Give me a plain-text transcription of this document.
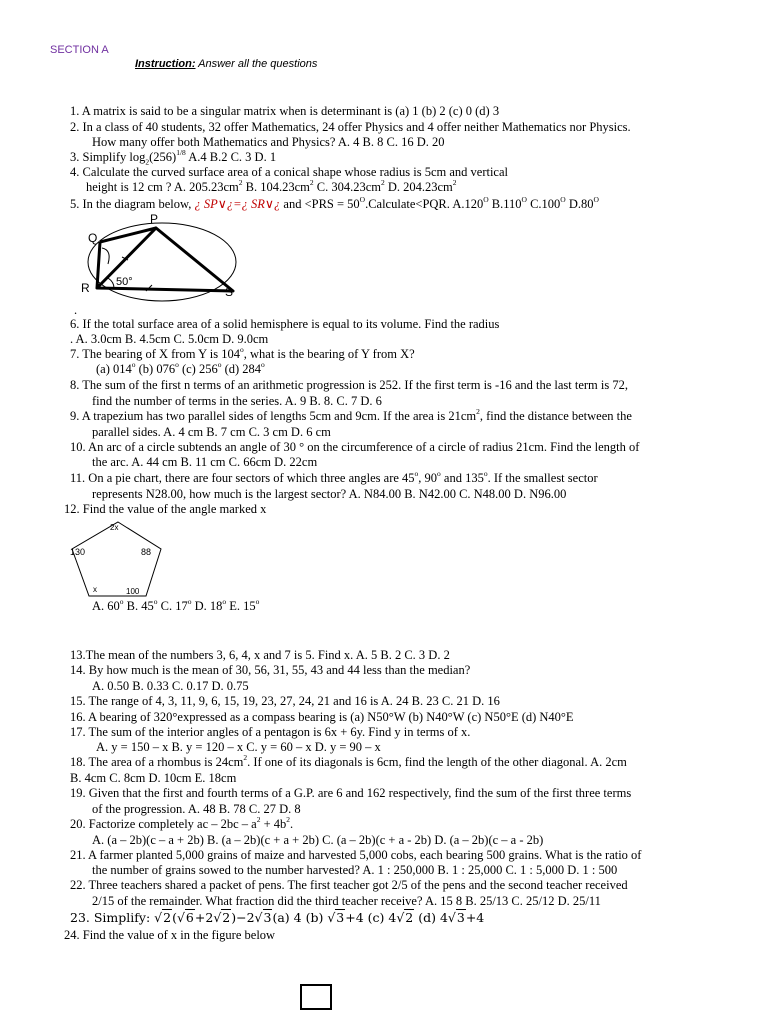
SECTION A
Instruction: Answer all the questions
1. A matrix is said to be a singular matrix when is determinant is (a) 1 (b) 2 (c) 0 (d) 3
2. In a class of 40 students, 32 offer Mathematics, 24 offer Physics and 4 offer neither Mathematics nor Physics.
How many offer both Mathematics and Physics? A. 4 B. 8 C. 16 D. 20
3. Simplify $\log_2(256)^{1/8}$ A.4 B.2 C. 3 D. 1
4. Calculate the curved surface area of a conical shape whose radius is 5cm and vertical
height is 12 cm ? A. $205.23cm^2$ B. $104.23cm^2$ C. $304.23cm^2$ D. $204.23cm^2$
5. In the diagram below, ¿ SP∨¿=¿ SR∨¿ and $<PRS = 50^O.Calculate<PQR$. $A.120^O$ $B.110^O$ $C.100^O$ $D.80^O$
P
Q
R	S
50°
.
6. If the total surface area of a solid hemisphere is equal to its volume. Find the radius
. A. 3.0cm B. 4.5cm C. 5.0cm D. 9.0cm
7. The bearing of X from Y is 104$^o$, what is the bearing of Y from X?
(a) 014$^o$ (b) 076$^o$ (c) 256$^o$ (d) 284$^o$
8. The sum of the first n terms of an arithmetic progression is 252. If the first term is -16 and the last term is 72,
find the number of terms in the series. A. 9 B. 8. C. 7 D. 6
9. A trapezium has two parallel sides of lengths 5cm and 9cm. If the area is $21cm^2$, find the distance between the
parallel sides. A. 4 cm B. 7 cm C. 3 cm D. 6 cm
10. An arc of a circle subtends an angle of 30 ° on the circumference of a circle of radius 21cm. Find the length of
the arc. A. 44 cm B. 11 cm C. 66cm D. 22cm
11. On a pie chart, there are four sectors of which three angles are 45$^o$, 90$^o$ and 135$^o$. If the smallest sector
represents N28.00, how much is the largest sector? A. N84.00 B. N42.00 C. N48.00 D. N96.00
12. Find the value of the angle marked x
2x
130	88
x	100
A. 60$^o$ B. 45$^o$ C. 17$^o$ D. 18$^o$ E. 15$^o$
13.The mean of the numbers 3, 6, 4, x and 7 is 5. Find x. A. 5 B. 2 C. 3 D. 2
14. By how much is the mean of 30, 56, 31, 55, 43 and 44 less than the median?
A. 0.50 B. 0.33 C. 0.17 D. 0.75
15. The range of 4, 3, 11, 9, 6, 15, 19, 23, 27, 24, 21 and 16 is A. 24 B. 23 C. 21 D. 16
16. A bearing of 320°expressed as a compass bearing is (a) N50°W (b) N40°W (c) N50°E (d) N40°E
17. The sum of the interior angles of a pentagon is 6x + 6y. Find y in terms of x.
A. y = 150 – x B. y = 120 – x C. y = 60 – x D. y = 90 – x
18. The area of a rhombus is $24cm^2$. If one of its diagonals is 6cm, find the length of the other diagonal. A. 2cm
B. 4cm C. 8cm D. 10cm E. 18cm
19. Given that the first and fourth terms of a G.P. are 6 and 162 respectively, find the sum of the first three terms
of the progression. A. 48 B. 78 C. 27 D. 8
20. Factorize completely ac – $2bc - a^2 + 4b^2$.
A. (a – 2b)(c – a + 2b) B. (a – 2b)(c + a + 2b) C. (a – 2b)(c + a - 2b) D. (a – 2b)(c – a - 2b)
21. A farmer planted 5,000 grains of maize and harvested 5,000 cobs, each bearing 500 grains. What is the ratio of
the number of grains sowed to the number harvested? A. 1 : 250,000 B. 1 : 25,000 C. 1 : 5,000 D. 1 : 500
22. Three teachers shared a packet of pens. The first teacher got 2/5 of the pens and the second teacher received
2/15 of the remainder. What fraction did the third teacher receive? A. 15 8 B. 25/13 C. 25/12 D. 25/11
23. Simplify: √2(√6+2√2)−2√3(a) 4 (b) √3+4 (c) 4√2 (d) 4√3+4
24. Find the value of x in the figure below
